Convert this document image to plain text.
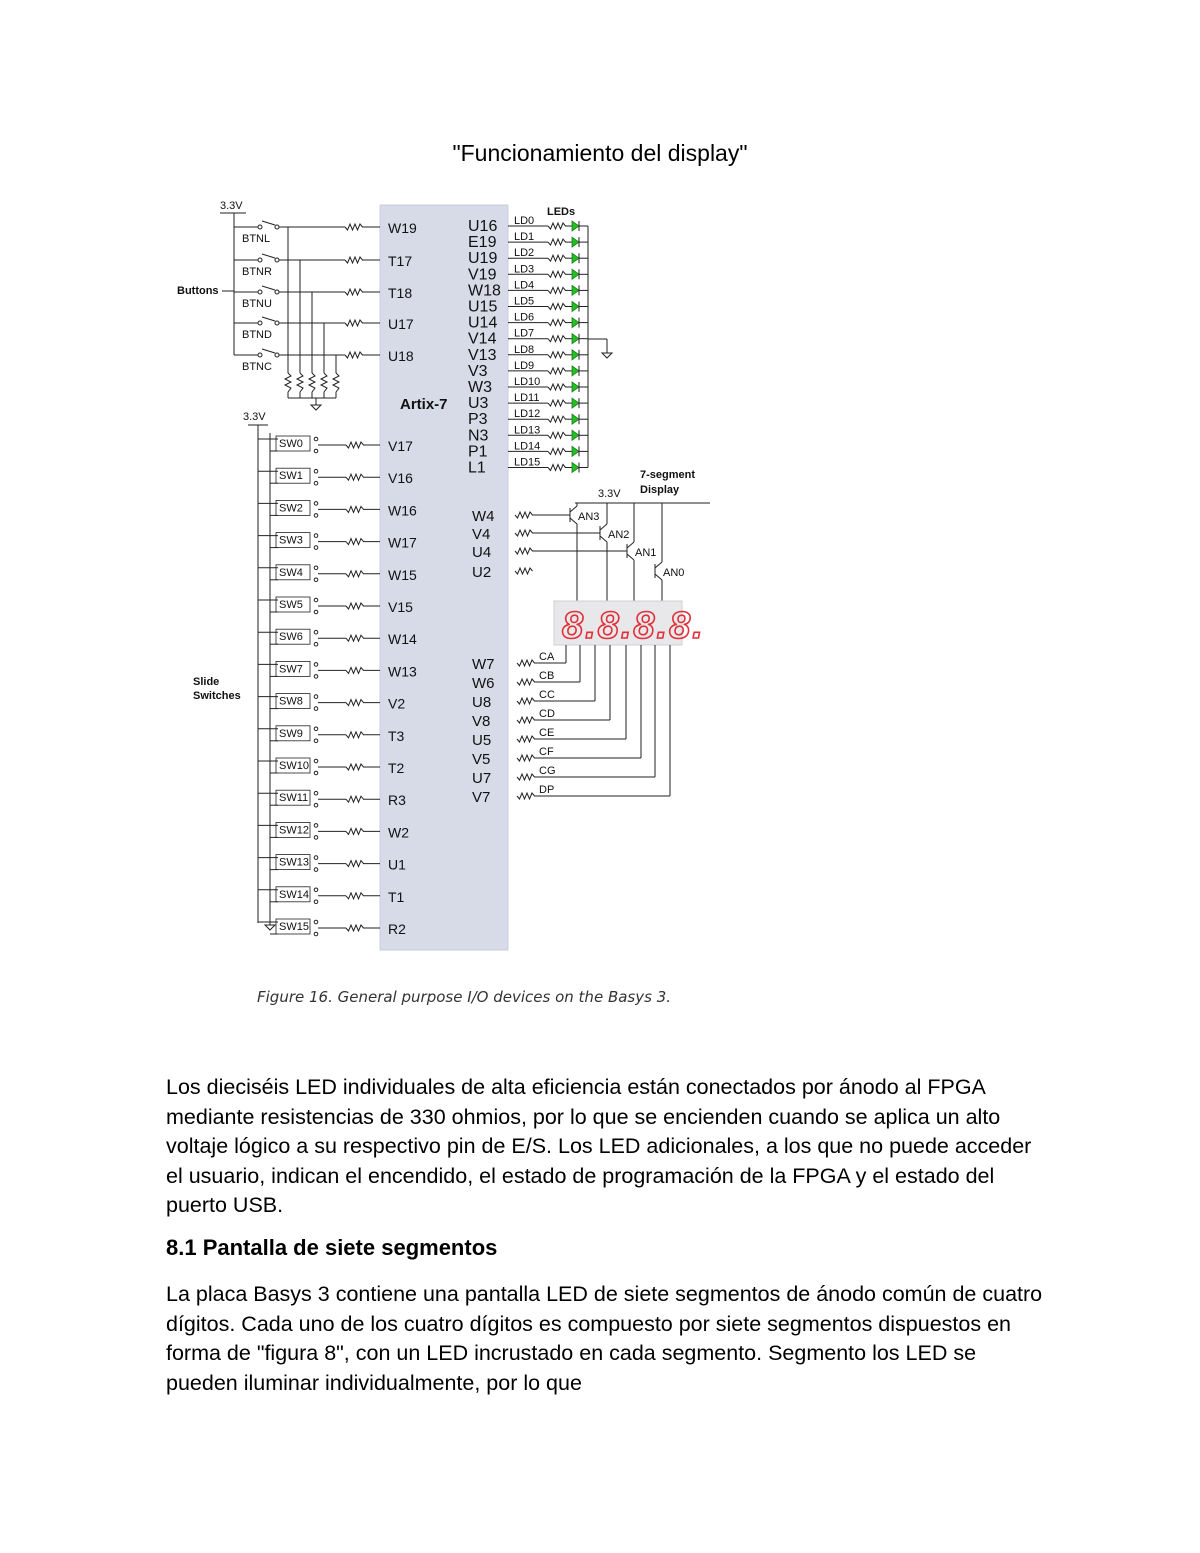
"Funcionamiento del display"
Artix-7
3.3V
Buttons
BTNL
W19
BTNR
T17
BTNU
T18
BTND
U17
BTNC
U18
3.3V
Slide
Switches
SW0	V17
SW1	V16
SW2	W16
SW3	W17
SW4	W15
SW5	V15
SW6	W14
SW7	W13
SW8	V2
SW9	T3
SW10	T2
SW11	R3
SW12	W2
SW13	U1
SW14	T1
SW15	R2
LEDs
U16 LD0
E19 LD1
U19 LD2
V19 LD3
W18 LD4
U15 LD5
U14 LD6
V14 LD7
V13 LD8
V3 LD9
W3 LD10
U3 LD11
P3 LD12
N3 LD13
P1 LD14
L1	LD15
7-segment
Display
3.3V
W4	AN3
V4	AN2
U4	AN1
U2	AN0
8.8.8.8.
W7	CA
W6	CB
U8	CC
V8	CD
U5	CE
V5	CF
U7	CG
V7	DP
Figure 16. General purpose I/O devices on the Basys 3.
Los dieciséis LED individuales de alta eficiencia están conectados por ánodo al FPGA mediante resistencias de 330 ohmios, por lo que se encienden cuando se aplica un alto voltaje lógico a su respectivo pin de E/S. Los LED adicionales, a los que no puede acceder el usuario, indican el encendido, el estado de programación de la FPGA y el estado del puerto USB.
8.1 Pantalla de siete segmentos
La placa Basys 3 contiene una pantalla LED de siete segmentos de ánodo común de cuatro dígitos. Cada uno de los cuatro dígitos es compuesto por siete segmentos dispuestos en forma de "figura 8", con un LED incrustado en cada segmento. Segmento los LED se pueden iluminar individualmente, por lo que
